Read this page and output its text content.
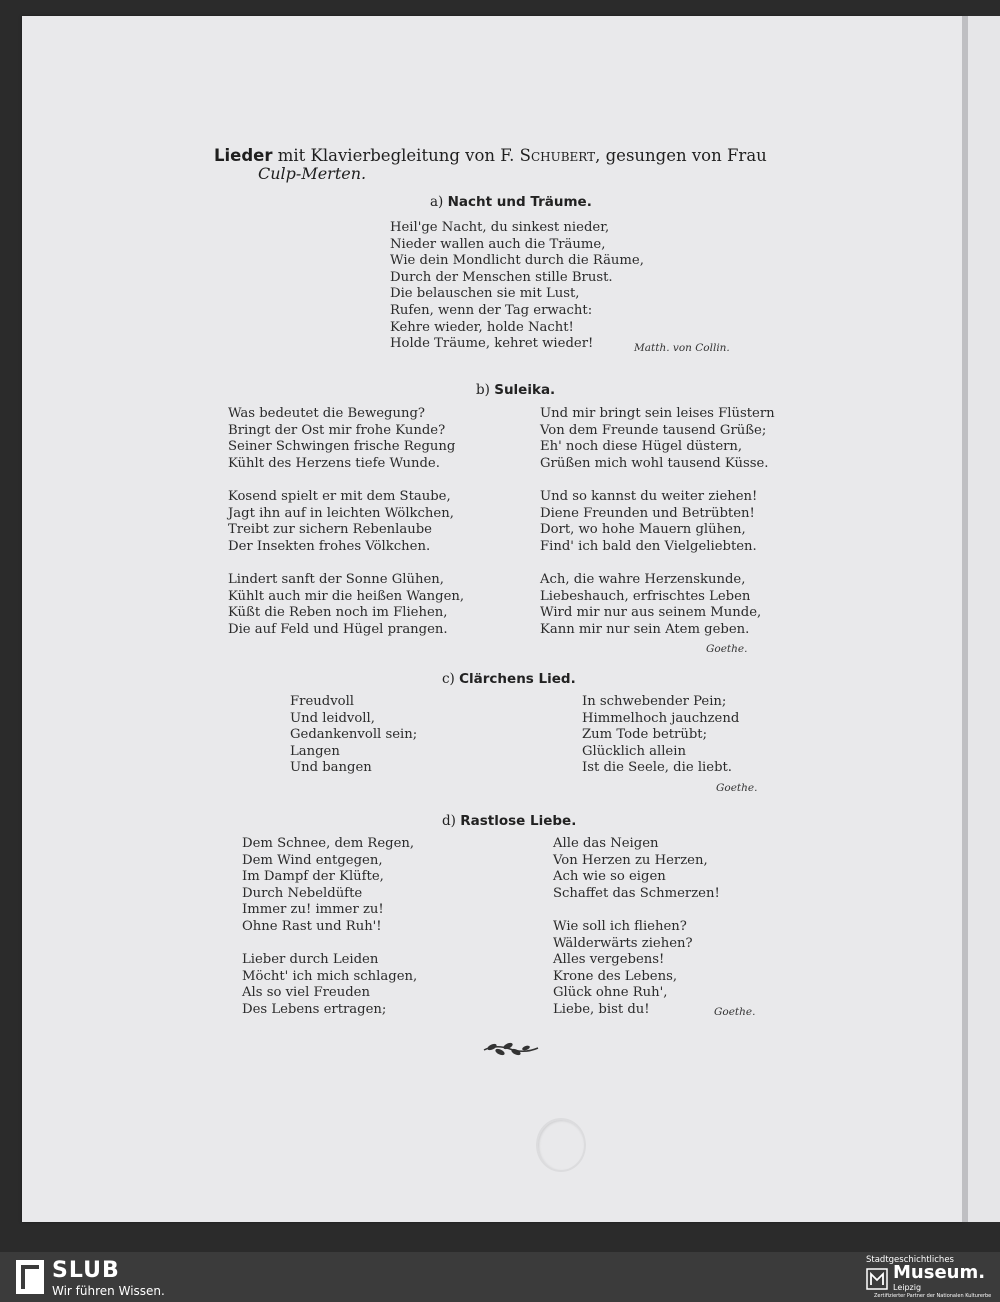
Lieder mit Klavierbegleitung von F. Schubert, gesungen von Frau
Culp-Merten.
a) Nacht und Träume.
Heil'ge Nacht, du sinkest nieder,
Nieder wallen auch die Träume,
Wie dein Mondlicht durch die Räume,
Durch der Menschen stille Brust.
Die belauschen sie mit Lust,
Rufen, wenn der Tag erwacht:
Kehre wieder, holde Nacht!
Holde Träume, kehret wieder!	Matth. von Collin.
b) Suleika.
Was bedeutet die Bewegung?
Bringt der Ost mir frohe Kunde?
Seiner Schwingen frische Regung
Kühlt des Herzens tiefe Wunde.

Kosend spielt er mit dem Staube,
Jagt ihn auf in leichten Wölkchen,
Treibt zur sichern Rebenlaube
Der Insekten frohes Völkchen.

Lindert sanft der Sonne Glühen,
Kühlt auch mir die heißen Wangen,
Küßt die Reben noch im Fliehen,
Die auf Feld und Hügel prangen.
Und mir bringt sein leises Flüstern
Von dem Freunde tausend Grüße;
Eh' noch diese Hügel düstern,
Grüßen mich wohl tausend Küsse.

Und so kannst du weiter ziehen!
Diene Freunden und Betrübten!
Dort, wo hohe Mauern glühen,
Find' ich bald den Vielgeliebten.

Ach, die wahre Herzenskunde,
Liebeshauch, erfrischtes Leben
Wird mir nur aus seinem Munde,
Kann mir nur sein Atem geben.
Goethe.
c) Clärchens Lied.
Freudvoll
Und leidvoll,
Gedankenvoll sein;
Langen
Und bangen
In schwebender Pein;
Himmelhoch jauchzend
Zum Tode betrübt;
Glücklich allein
Ist die Seele, die liebt.
Goethe.
d) Rastlose Liebe.
Dem Schnee, dem Regen,
Dem Wind entgegen,
Im Dampf der Klüfte,
Durch Nebeldüfte
Immer zu! immer zu!
Ohne Rast und Ruh'!

Lieber durch Leiden
Möcht' ich mich schlagen,
Als so viel Freuden
Des Lebens ertragen;
Alle das Neigen
Von Herzen zu Herzen,
Ach wie so eigen
Schaffet das Schmerzen!

Wie soll ich fliehen?
Wälderwärts ziehen?
Alles vergebens!
Krone des Lebens,
Glück ohne Ruh',
Liebe, bist du!	Goethe.
SLUB
Wir führen Wissen.
Stadtgeschichtliches
Museum.
Leipzig
Zertifizierter Partner der Nationalen Kulturerbe
